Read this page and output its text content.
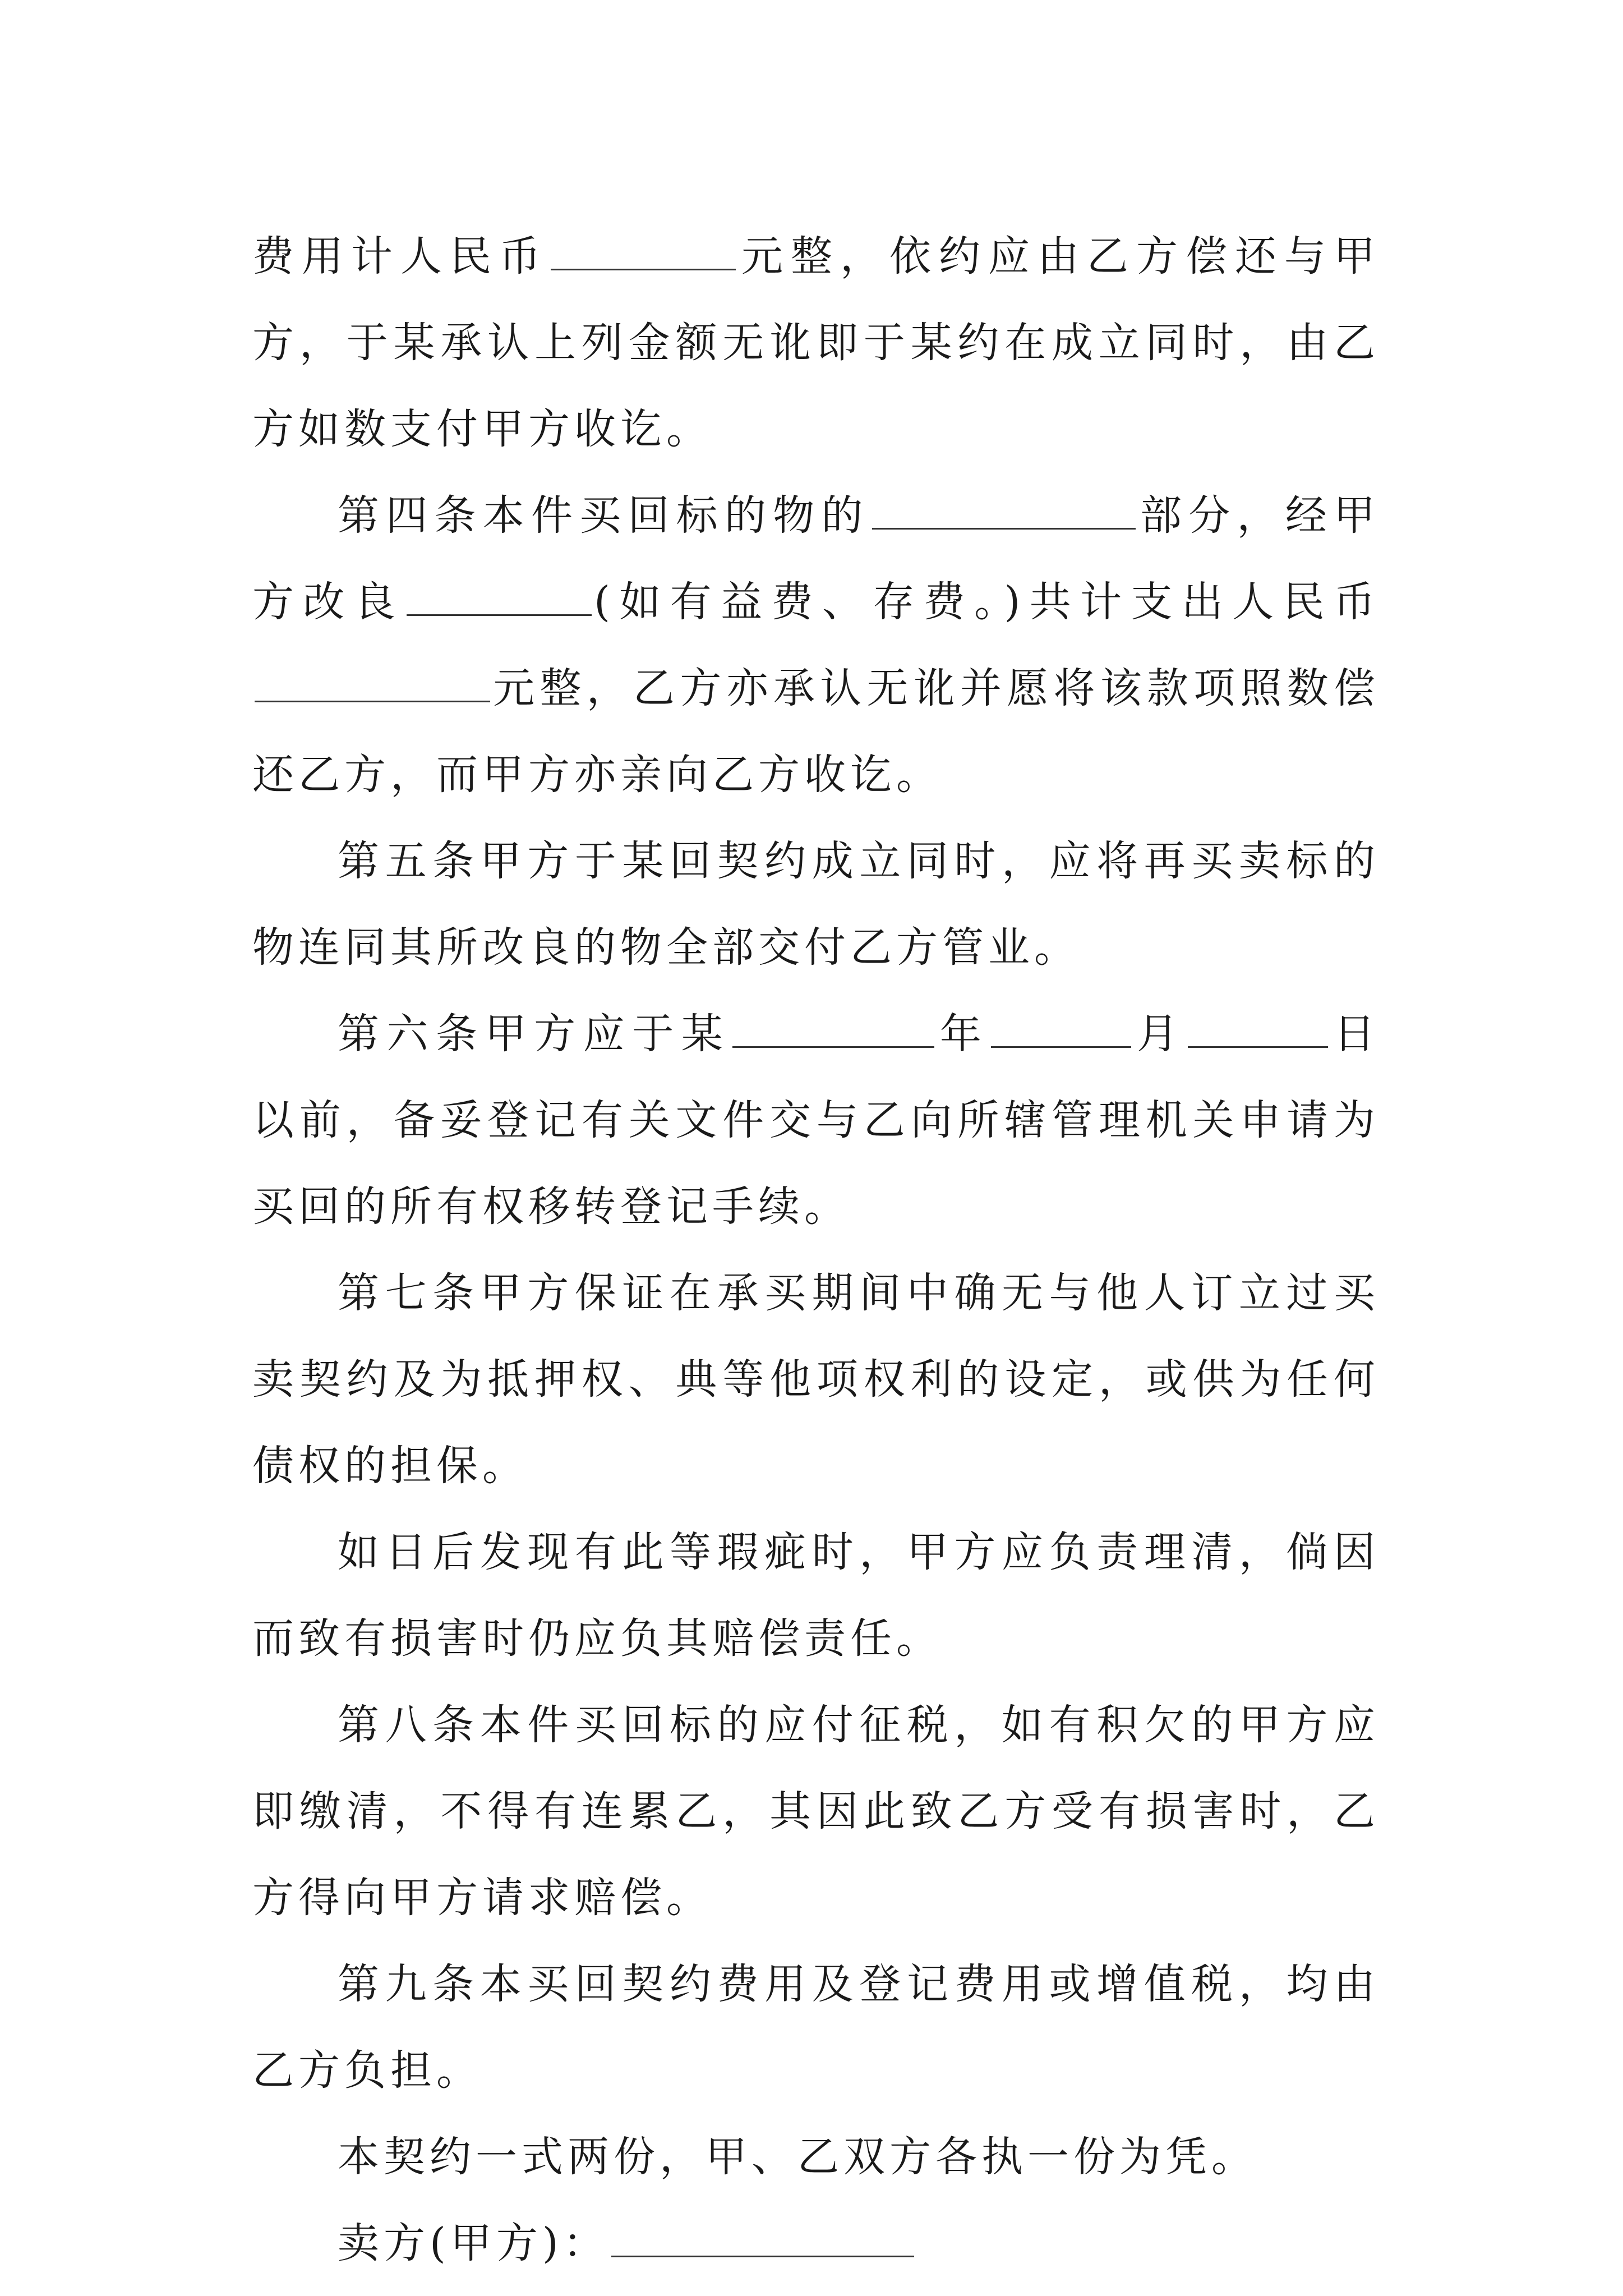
费用计人民币	元整，依约应由乙方偿还与甲方，于某承认上列金额无讹即于某约在成立同时，由乙方如数支付甲方收讫。

第四条本件买回标的物的	部分，经甲方改良	(如有益费、存费。)共计支出人民币元整，乙方亦承认无讹并愿将该款项照数偿还乙方，而甲方亦亲向乙方收讫。

第五条甲方于某回契约成立同时，应将再买卖标的物连同其所改良的物全部交付乙方管业。

第六条甲方应于某	年	月	日以前，备妥登记有关文件交与乙向所辖管理机关申请为买回的所有权移转登记手续。

第七条甲方保证在承买期间中确无与他人订立过买卖契约及为抵押权、典等他项权利的设定，或供为任何债权的担保。

如日后发现有此等瑕疵时，甲方应负责理清，倘因而致有损害时仍应负其赔偿责任。

第八条本件买回标的应付征税，如有积欠的甲方应即缴清，不得有连累乙，其因此致乙方受有损害时，乙方得向甲方请求赔偿。

第九条本买回契约费用及登记费用或增值税，均由乙方负担。

本契约一式两份，甲、乙双方各执一份为凭。

卖方(甲方)：
